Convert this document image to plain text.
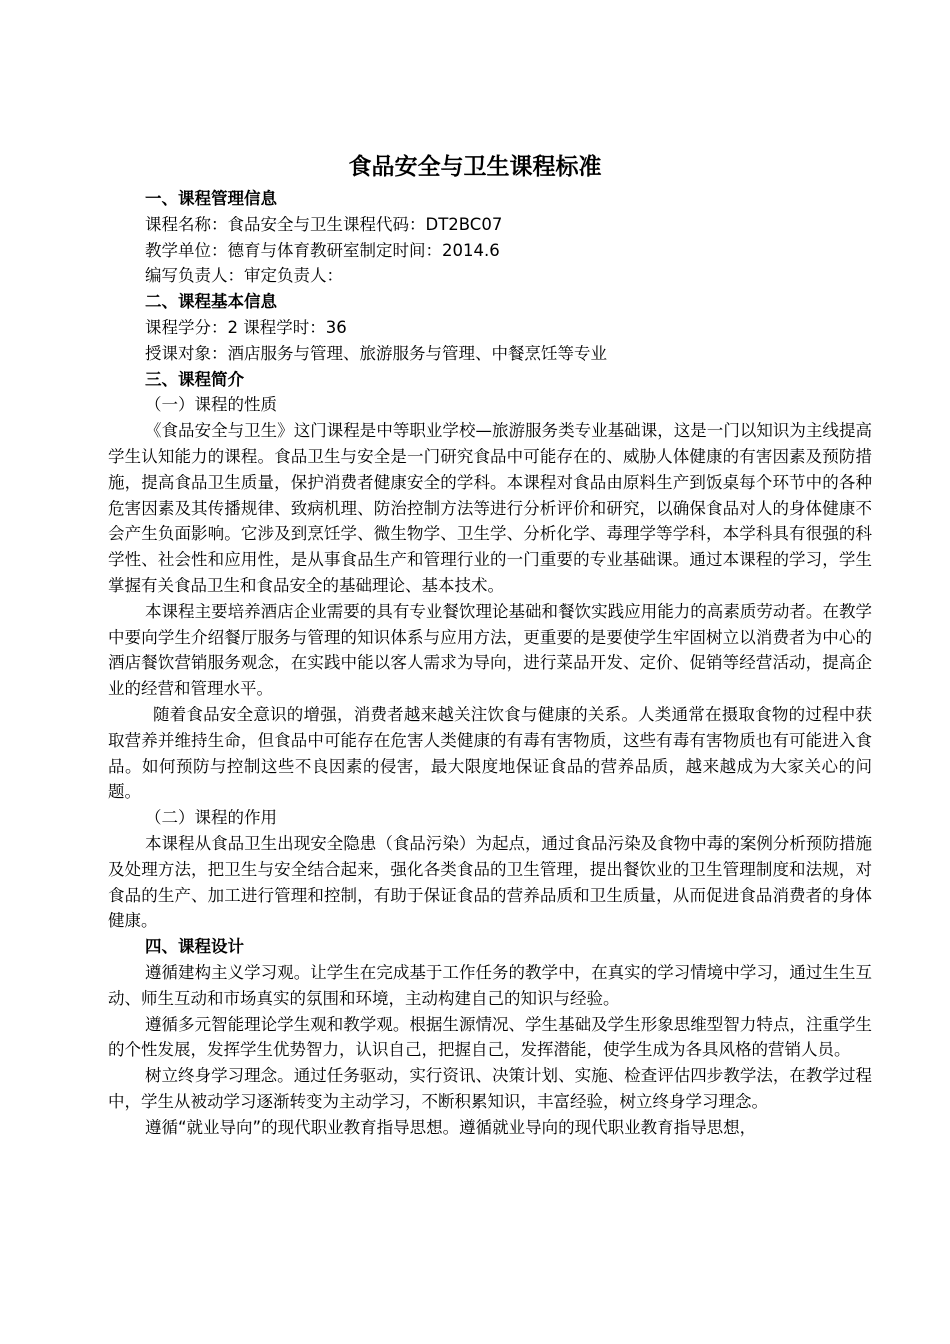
食品安全与卫生课程标准
一、课程管理信息
课程名称：食品安全与卫生课程代码：DT2BC07
教学单位：德育与体育教研室制定时间：2014.6
编写负责人：审定负责人：
二、课程基本信息
课程学分：2 课程学时：36
授课对象：酒店服务与管理、旅游服务与管理、中餐烹饪等专业
三、课程简介
（一）课程的性质

《食品安全与卫生》这门课程是中等职业学校—旅游服务类专业基础课，这是一门以知识为主线提高学生认知能力的课程。食品卫生与安全是一门研究食品中可能存在的、威胁人体健康的有害因素及预防措施，提高食品卫生质量，保护消费者健康安全的学科。本课程对食品由原料生产到饭桌每个环节中的各种危害因素及其传播规律、致病机理、防治控制方法等进行分析评价和研究，以确保食品对人的身体健康不会产生负面影响。它涉及到烹饪学、微生物学、卫生学、分析化学、毒理学等学科，本学科具有很强的科学性、社会性和应用性，是从事食品生产和管理行业的一门重要的专业基础课。通过本课程的学习，学生掌握有关食品卫生和食品安全的基础理论、基本技术。

本课程主要培养酒店企业需要的具有专业餐饮理论基础和餐饮实践应用能力的高素质劳动者。在教学中要向学生介绍餐厅服务与管理的知识体系与应用方法，更重要的是要使学生牢固树立以消费者为中心的酒店餐饮营销服务观念，在实践中能以客人需求为导向，进行菜品开发、定价、促销等经营活动，提高企业的经营和管理水平。

随着食品安全意识的增强，消费者越来越关注饮食与健康的关系。人类通常在摄取食物的过程中获取营养并维持生命，但食品中可能存在危害人类健康的有毒有害物质，这些有毒有害物质也有可能进入食品。如何预防与控制这些不良因素的侵害，最大限度地保证食品的营养品质，越来越成为大家关心的问题。

（二）课程的作用

本课程从食品卫生出现安全隐患（食品污染）为起点，通过食品污染及食物中毒的案例分析预防措施及处理方法，把卫生与安全结合起来，强化各类食品的卫生管理，提出餐饮业的卫生管理制度和法规，对食品的生产、加工进行管理和控制，有助于保证食品的营养品质和卫生质量，从而促进食品消费者的身体健康。

四、课程设计

遵循建构主义学习观。让学生在完成基于工作任务的教学中，在真实的学习情境中学习，通过生生互动、师生互动和市场真实的氛围和环境，主动构建自己的知识与经验。

遵循多元智能理论学生观和教学观。根据生源情况、学生基础及学生形象思维型智力特点，注重学生的个性发展，发挥学生优势智力，认识自己，把握自己，发挥潜能，使学生成为各具风格的营销人员。

树立终身学习理念。通过任务驱动，实行资讯、决策计划、实施、检查评估四步教学法，在教学过程中，学生从被动学习逐渐转变为主动学习，不断积累知识，丰富经验，树立终身学习理念。

遵循“就业导向”的现代职业教育指导思想。遵循就业导向的现代职业教育指导思想，
